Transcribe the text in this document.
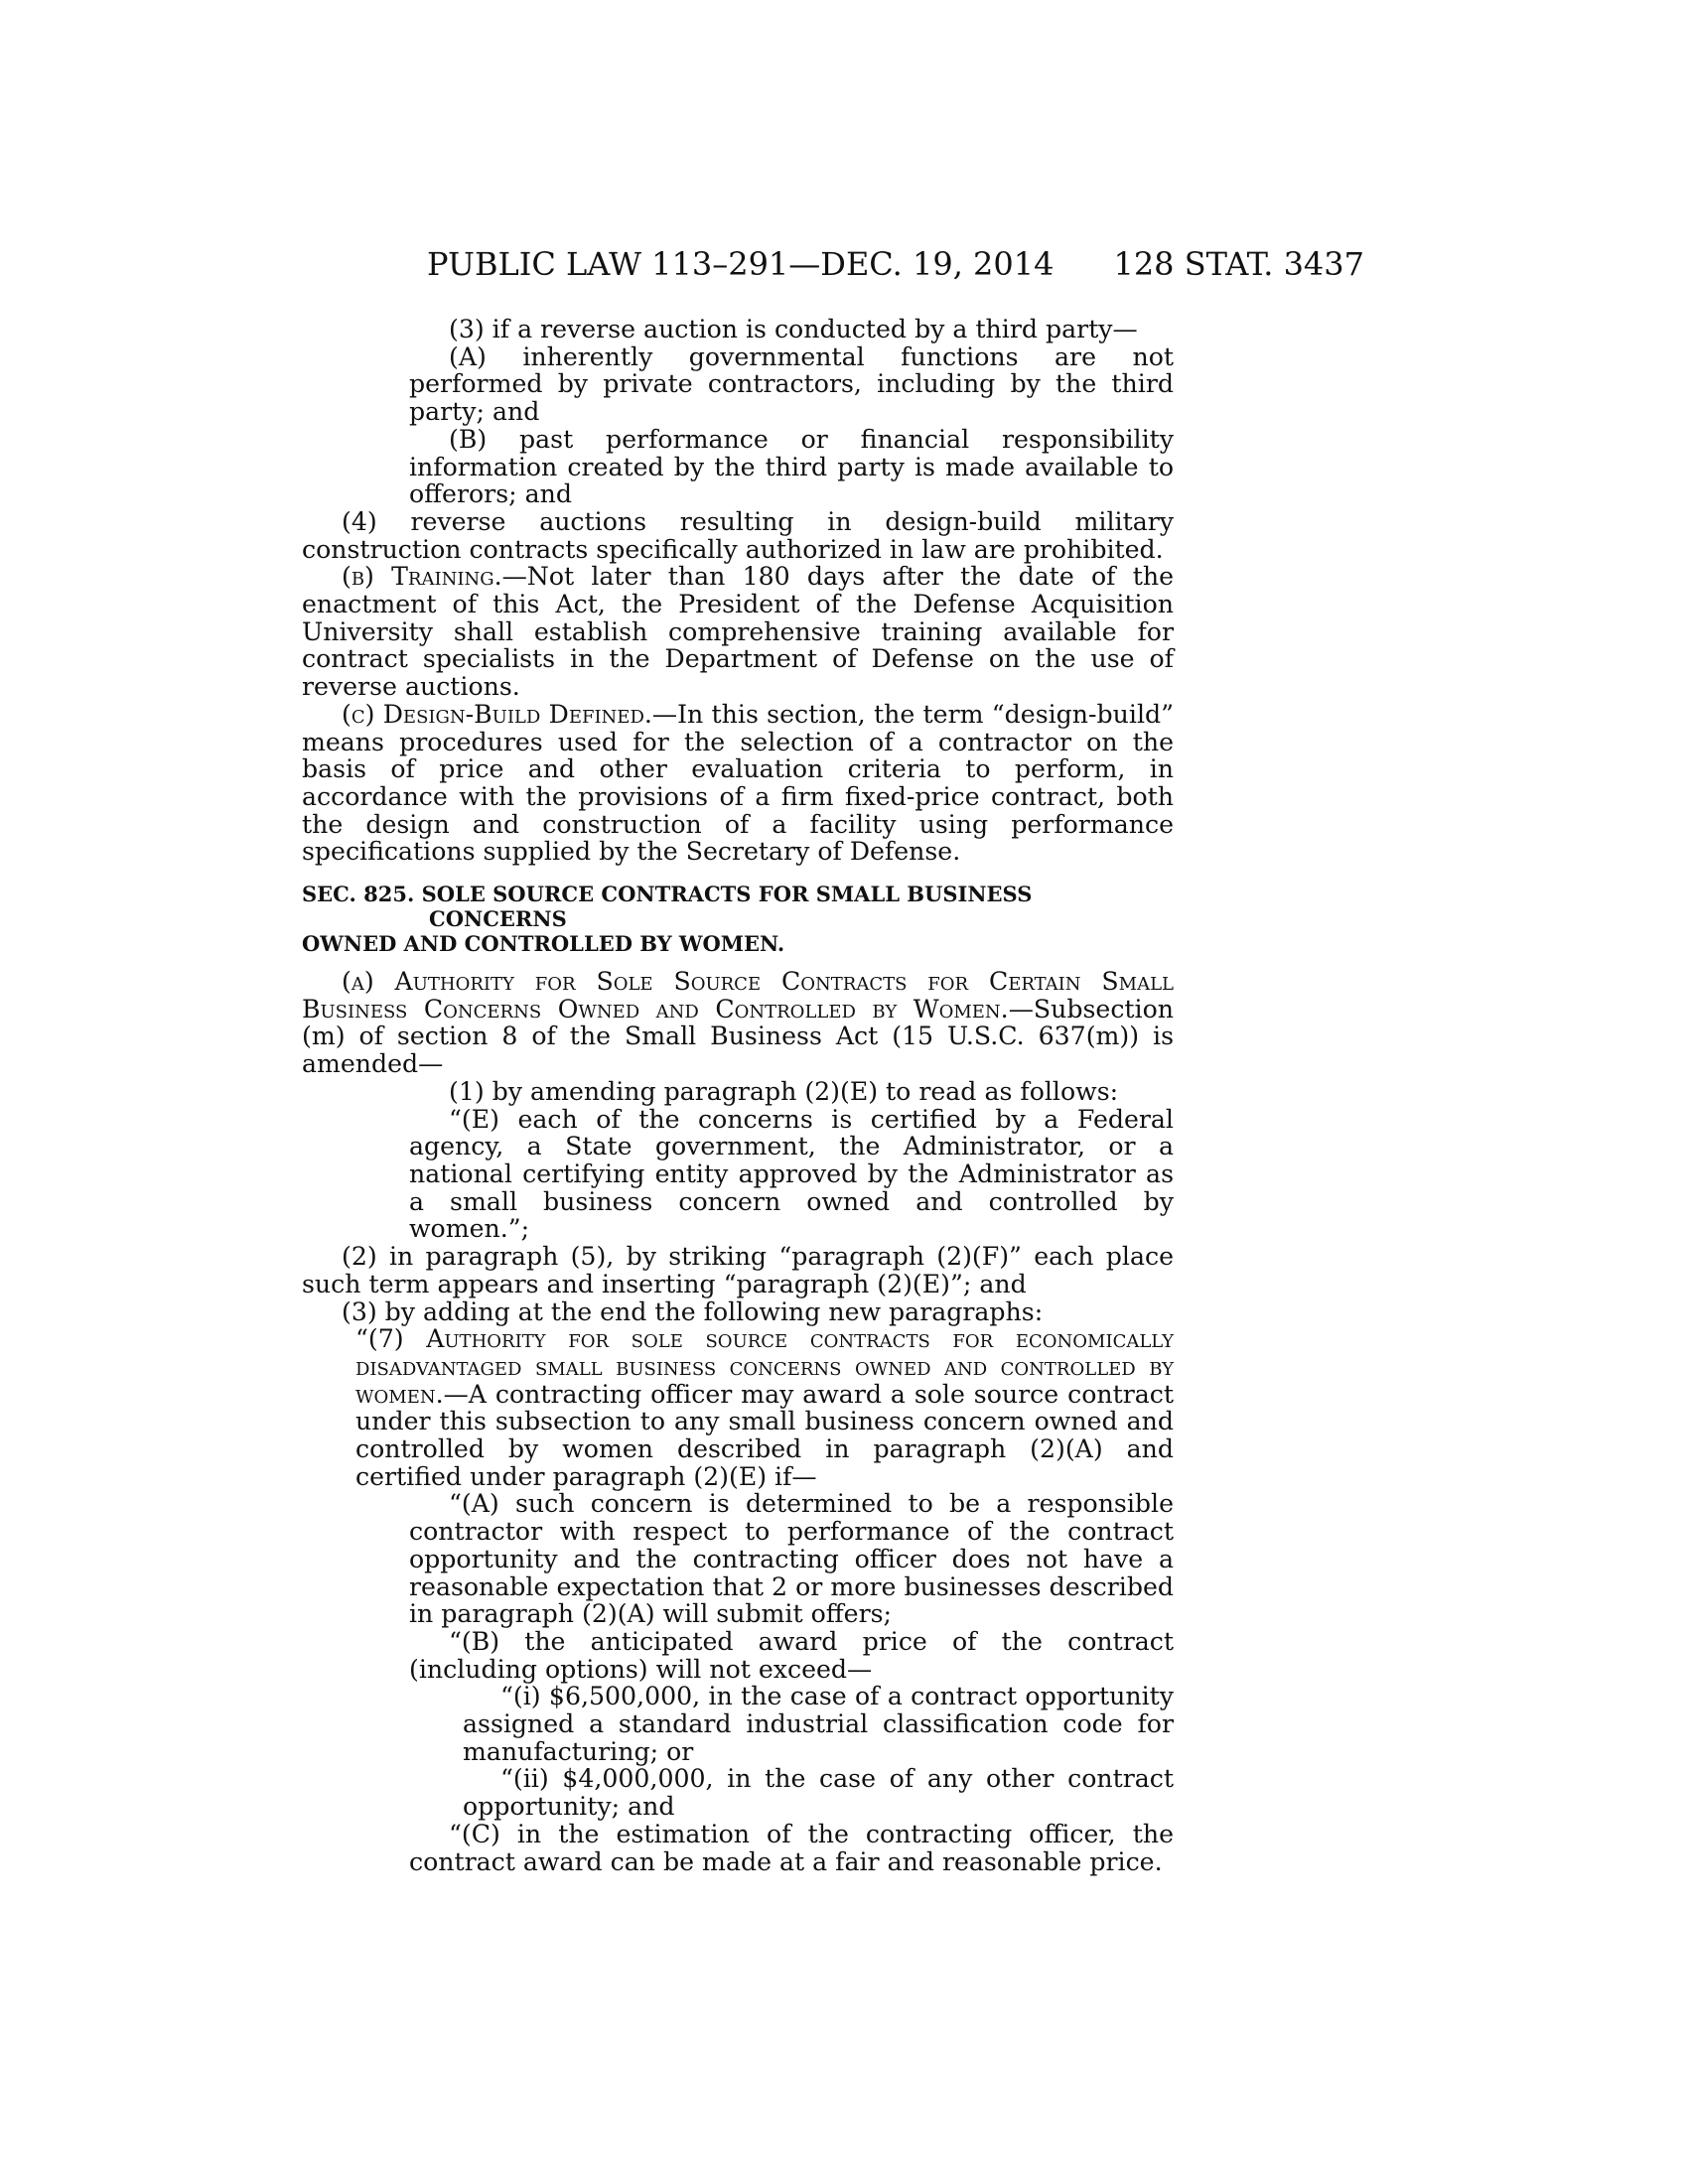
PUBLIC LAW 113–291—DEC. 19, 2014 128 STAT. 3437

(3) if a reverse auction is conducted by a third party—

(A) inherently governmental functions are not performed by private contractors, including by the third party; and

(B) past performance or financial responsibility information created by the third party is made available to offerors; and

(4) reverse auctions resulting in design-build military construction contracts specifically authorized in law are prohibited.

(b) Training.—Not later than 180 days after the date of the enactment of this Act, the President of the Defense Acquisition University shall establish comprehensive training available for contract specialists in the Department of Defense on the use of reverse auctions.

(c) Design-Build Defined.—In this section, the term “design-build” means procedures used for the selection of a contractor on the basis of price and other evaluation criteria to perform, in accordance with the provisions of a firm fixed-price contract, both the design and construction of a facility using performance specifications supplied by the Secretary of Defense.

SEC. 825. SOLE SOURCE CONTRACTS FOR SMALL BUSINESS CONCERNS
OWNED AND CONTROLLED BY WOMEN.

(a) Authority for Sole Source Contracts for Certain Small Business Concerns Owned and Controlled by Women.—Subsection (m) of section 8 of the Small Business Act (15 U.S.C. 637(m)) is amended—

(1) by amending paragraph (2)(E) to read as follows:

“(E) each of the concerns is certified by a Federal agency, a State government, the Administrator, or a national certifying entity approved by the Administrator as a small business concern owned and controlled by women.”;

(2) in paragraph (5), by striking “paragraph (2)(F)” each place such term appears and inserting “paragraph (2)(E)”; and

(3) by adding at the end the following new paragraphs:

“(7) Authority for sole source contracts for economically disadvantaged small business concerns owned and controlled by women.—A contracting officer may award a sole source contract under this subsection to any small business concern owned and controlled by women described in paragraph (2)(A) and certified under paragraph (2)(E) if—

“(A) such concern is determined to be a responsible contractor with respect to performance of the contract opportunity and the contracting officer does not have a reasonable expectation that 2 or more businesses described in paragraph (2)(A) will submit offers;

“(B) the anticipated award price of the contract (including options) will not exceed—

“(i) $6,500,000, in the case of a contract opportunity assigned a standard industrial classification code for manufacturing; or

“(ii) $4,000,000, in the case of any other contract opportunity; and

“(C) in the estimation of the contracting officer, the contract award can be made at a fair and reasonable price.
